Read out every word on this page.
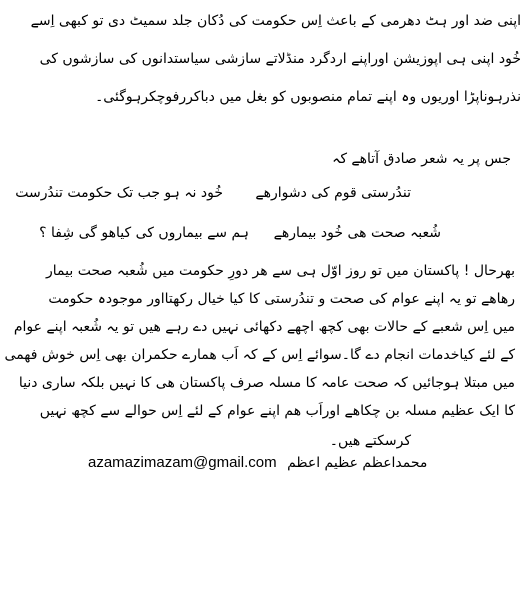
اپنی ضد اور ہٹ دھرمی کے باعث اِس حکومت کی دُکان جلد سمیٹ دی تو کبھی اِسے
خُود اپنی ہی اپوزیشن اوراپنے اردگرد منڈلاتے سازشی سیاستدانوں کی سازشوں کی
نذرہوناپڑا اوریوں وہ اپنے تمام منصوبوں کو بغل میں دباکررفوچکرہوگئی۔
جس پر یہ شعر صادق آتاھے کہ
خُود نہ ہو جب تک حکومت تندُرست تندُرستی قوم کی دشوارھے
ہم سے بیماروں کی کیاھو گی شِفا ؟ شُعبہ صحت ھی خُود بیمارھے
بھرحال ! پاکستان میں تو روز اوّل ہی سے ھر دورِ حکومت میں شُعبہ صحت بیمار
رھاھے تو یہ اپنے عوام کی صحت و تندُرستی کا کیا خیال رکھتااور موجودہ حکومت
میں اِس شعبے کے حالات بھی کچھ اچھے دکھائی نہیں دے رہے ھیں تو یہ شُعبہ اپنے عوام
کے لئے کیاخدمات انجام دے گا۔سوائے اِس کے کہ اَب ھمارے حکمران بھی اِس خوش فھمی
میں مبتلا ہوجائیں کہ صحت عامہ کا مسلہ صرف پاکستان ھی کا نہیں بلکہ ساری دنیا
کا ایک عظیم مسلہ بن چکاھے اوراَب ھم اپنے عوام کے لئے اِس حوالے سے کچھ نہیں
کرسکتے ھیں۔
azamazimazam@gmail.com محمداعظم عظیم اعظم
